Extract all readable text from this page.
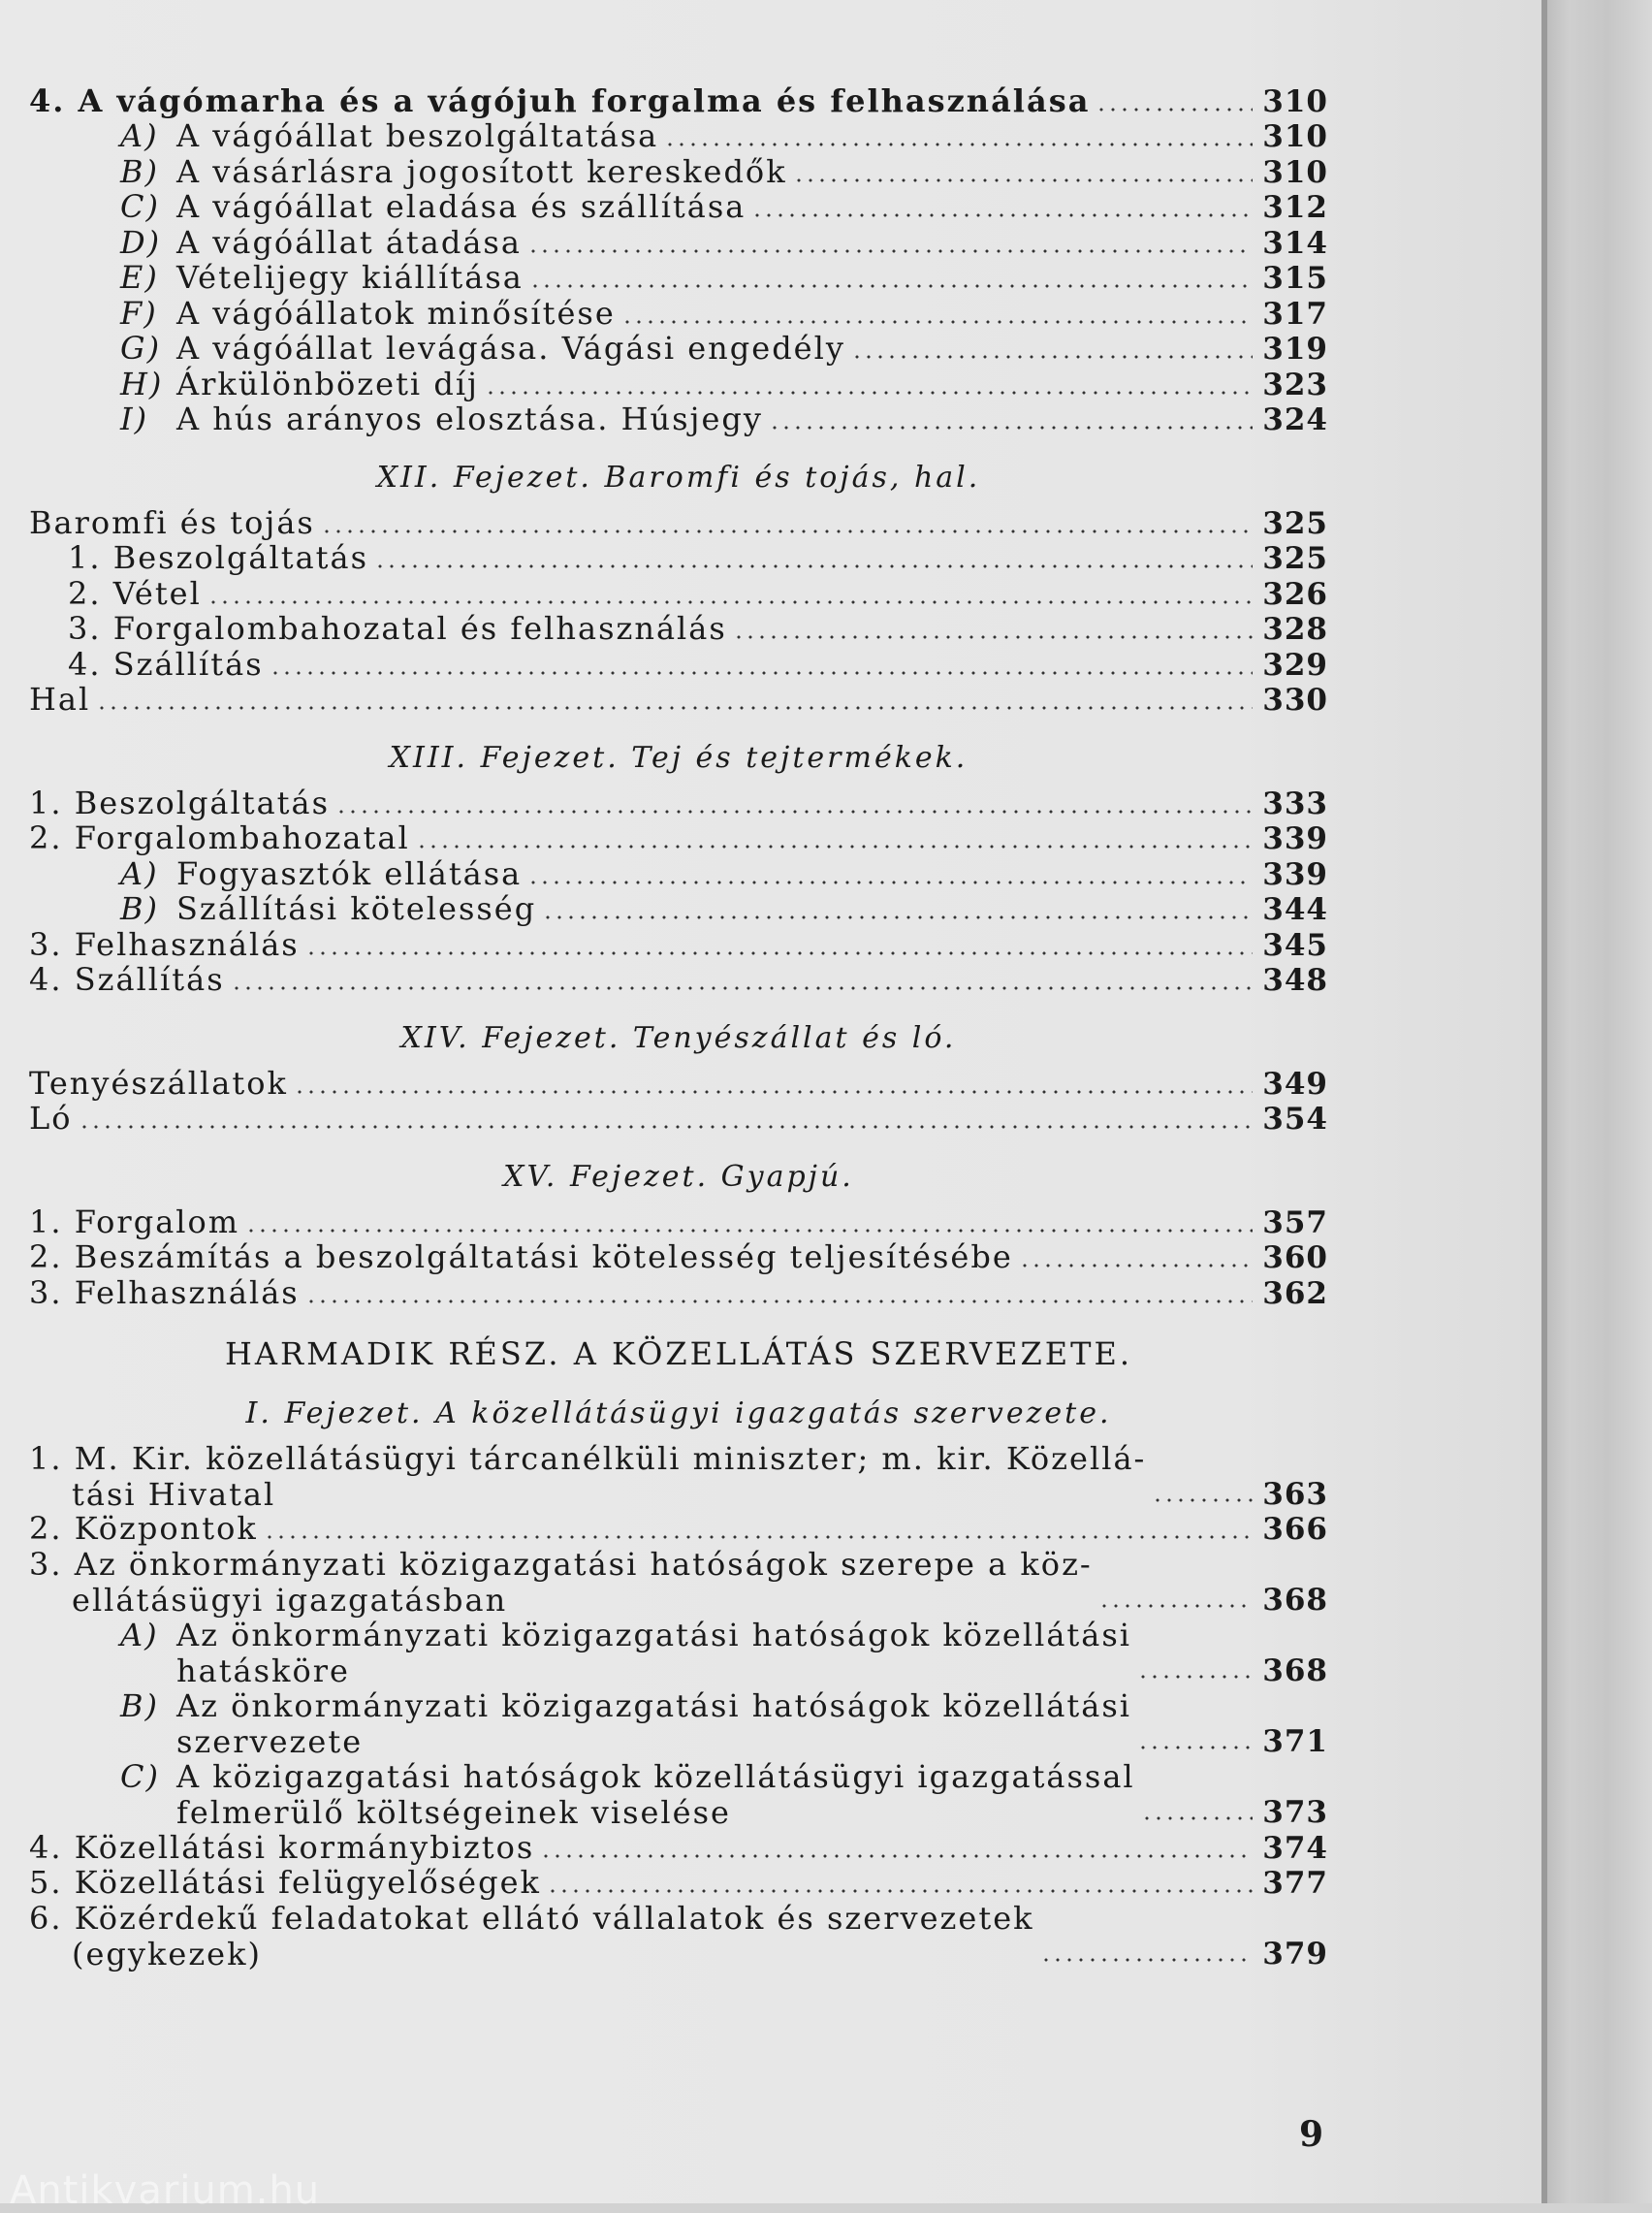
4. A vágómarha és a vágójuh forgalma és felhasználása	310
A) A vágóállat beszolgáltatása	310
B) A vásárlásra jogosított kereskedők	310
C) A vágóállat eladása és szállítása	312
D) A vágóállat átadása	314
E) Vételijegy kiállítása	315
F) A vágóállatok minősítése	317
G) A vágóállat levágása. Vágási engedély	319
H) Árkülönbözeti díj	323
I) A hús arányos elosztása. Húsjegy	324
XII. Fejezet. Baromfi és tojás, hal.
Baromfi és tojás	325
1. Beszolgáltatás	325
2. Vétel	326
3. Forgalombahozatal és felhasználás	328
4. Szállítás	329
Hal	330
XIII. Fejezet. Tej és tejtermékek.
1. Beszolgáltatás	333
2. Forgalombahozatal	339
A) Fogyasztók ellátása	339
B) Szállítási kötelesség	344
3. Felhasználás	345
4. Szállítás	348
XIV. Fejezet. Tenyészállat és ló.
Tenyészállatok	349
Ló	354
XV. Fejezet. Gyapjú.
1. Forgalom	357
2. Beszámítás a beszolgáltatási kötelesség teljesítésébe	360
3. Felhasználás	362
HARMADIK RÉSZ. A KÖZELLÁTÁS SZERVEZETE.
I. Fejezet. A közellátásügyi igazgatás szervezete.
1. M. Kir. közellátásügyi tárcanélküli miniszter; m. kir. Közellá-
tási Hivatal	363
2. Központok	366
3. Az önkormányzati közigazgatási hatóságok szerepe a köz-
ellátásügyi igazgatásban	368
A) Az önkormányzati közigazgatási hatóságok közellátási
hatásköre	368
B) Az önkormányzati közigazgatási hatóságok közellátási
szervezete	371
C) A közigazgatási hatóságok közellátásügyi igazgatással
felmerülő költségeinek viselése	373
4. Közellátási kormánybiztos	374
5. Közellátási felügyelőségek	377
6. Közérdekű feladatokat ellátó vállalatok és szervezetek
(egykezek)	379
9
Antikvarium.hu
